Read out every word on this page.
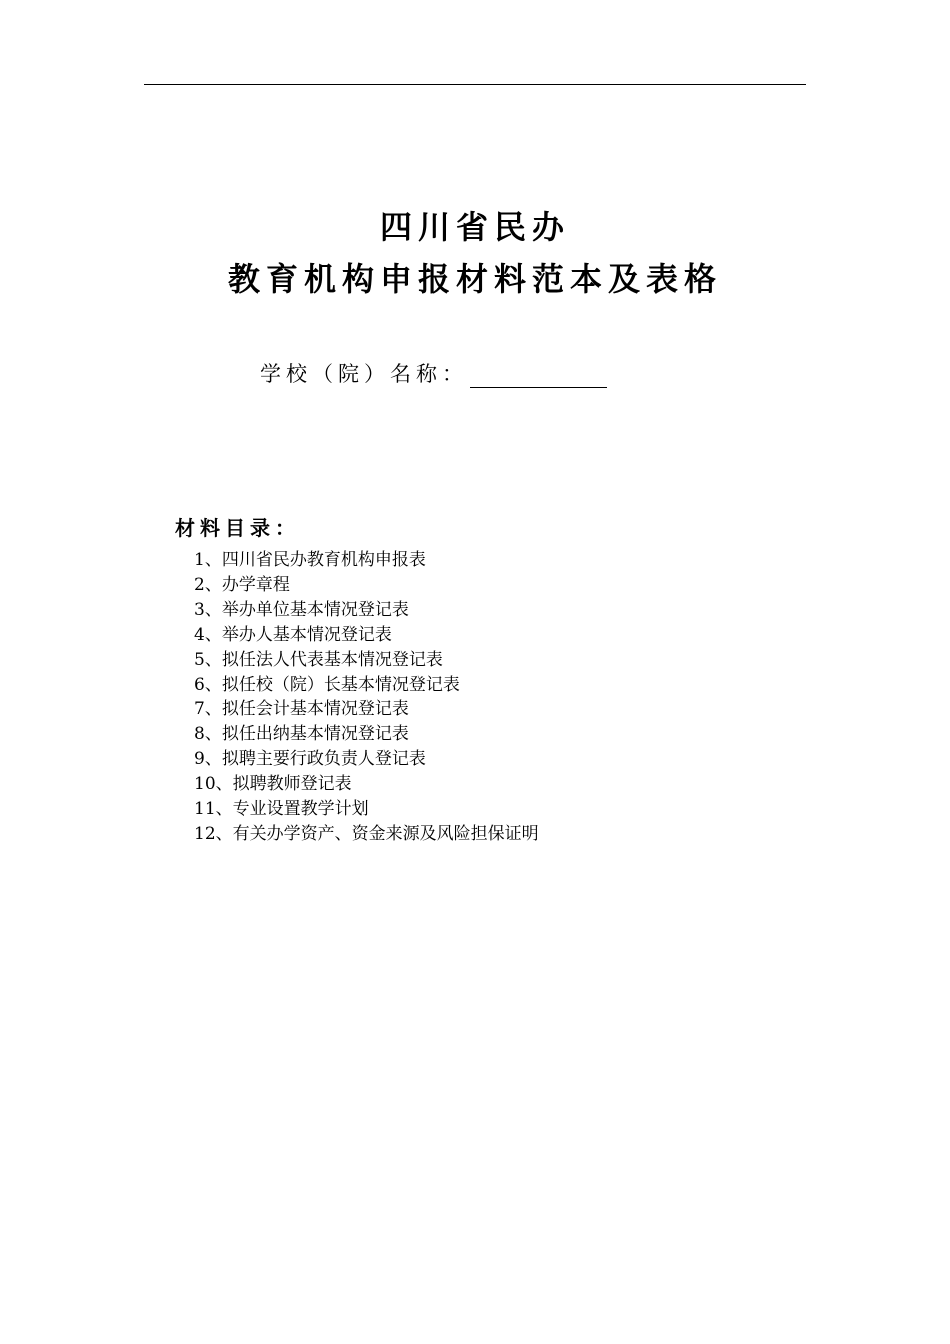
四川省民办
教育机构申报材料范本及表格
学校（院）名称：
材料目录：
1、四川省民办教育机构申报表
2、办学章程
3、举办单位基本情况登记表
4、举办人基本情况登记表
5、拟任法人代表基本情况登记表
6、拟任校（院）长基本情况登记表
7、拟任会计基本情况登记表
8、拟任出纳基本情况登记表
9、拟聘主要行政负责人登记表
10、拟聘教师登记表
11、专业设置教学计划
12、有关办学资产、资金来源及风险担保证明
